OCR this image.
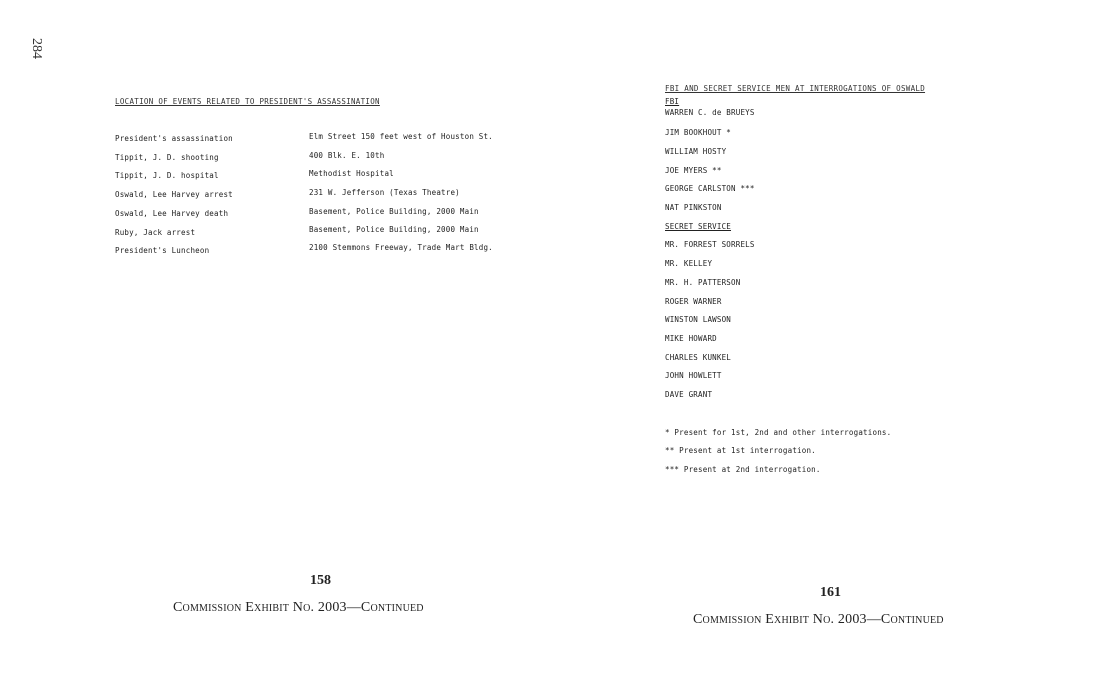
284
LOCATION OF EVENTS RELATED TO PRESIDENT'S ASSASSINATION
President's assassination	Elm Street 150 feet west of Houston St.
Tippit, J. D. shooting	400 Blk. E. 10th
Tippit, J. D. hospital	Methodist Hospital
Oswald, Lee Harvey arrest	231 W. Jefferson (Texas Theatre)
Oswald, Lee Harvey death	Basement, Police Building, 2000 Main
Ruby, Jack arrest	Basement, Police Building, 2000 Main
President's Luncheon	2100 Stemmons Freeway, Trade Mart Bldg.
158
Commission Exhibit No. 2003—Continued
FBI AND SECRET SERVICE MEN AT INTERROGATIONS OF OSWALD
FBI
WARREN C. de BRUEYS
JIM BOOKHOUT *
WILLIAM HOSTY
JOE MYERS **
GEORGE CARLSTON ***
NAT PINKSTON
SECRET SERVICE
MR. FORREST SORRELS
MR. KELLEY
MR. H. PATTERSON
ROGER WARNER
WINSTON LAWSON
MIKE HOWARD
CHARLES KUNKEL
JOHN HOWLETT
DAVE GRANT
* Present for 1st, 2nd and other interrogations.
** Present at 1st interrogation.
*** Present at 2nd interrogation.
161
Commission Exhibit No. 2003—Continued
